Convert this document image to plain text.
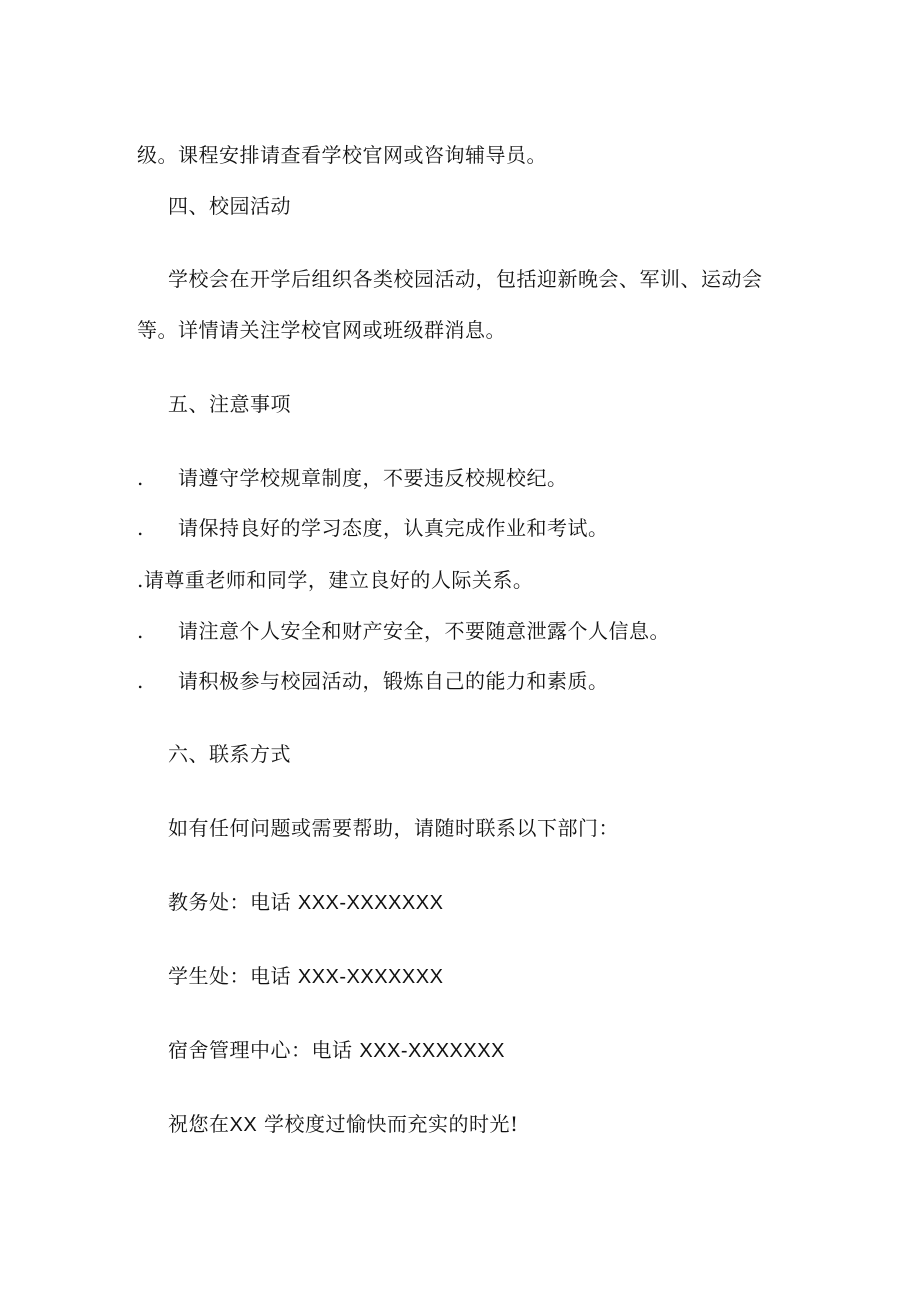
级。课程安排请查看学校官网或咨询辅导员。
四、校园活动
学校会在开学后组织各类校园活动，包括迎新晚会、军训、运动会
等。详情请关注学校官网或班级群消息。
五、注意事项
. 请遵守学校规章制度，不要违反校规校纪。
. 请保持良好的学习态度，认真完成作业和考试。
.请尊重老师和同学，建立良好的人际关系。
. 请注意个人安全和财产安全，不要随意泄露个人信息。
. 请积极参与校园活动，锻炼自己的能力和素质。
六、联系方式
如有任何问题或需要帮助，请随时联系以下部门：
教务处：电话 XXX-XXXXXXX
学生处：电话 XXX-XXXXXXX
宿舍管理中心：电话 XXX-XXXXXXX
祝您在XX 学校度过愉快而充实的时光!
